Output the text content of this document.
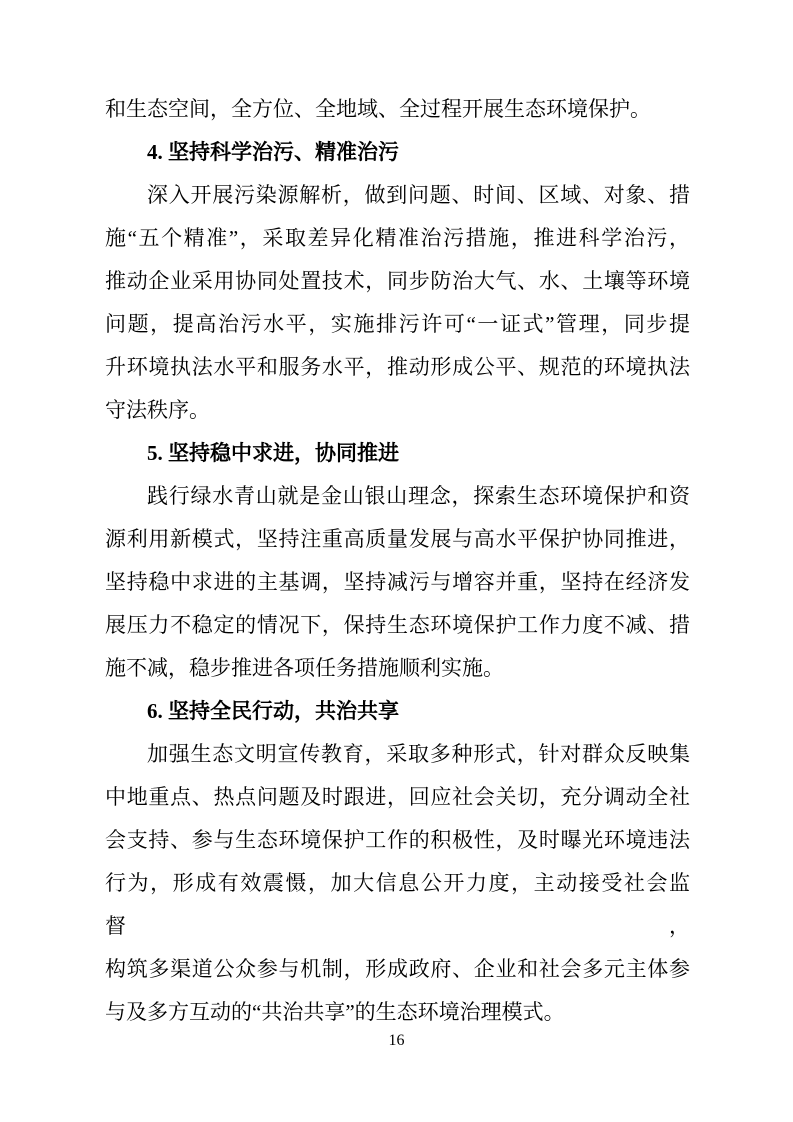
和生态空间，全方位、全地域、全过程开展生态环境保护。
4. 坚持科学治污、精准治污
深入开展污染源解析，做到问题、时间、区域、对象、措
施“五个精准”，采取差异化精准治污措施，推进科学治污，
推动企业采用协同处置技术，同步防治大气、水、土壤等环境
问题，提高治污水平，实施排污许可“一证式”管理，同步提
升环境执法水平和服务水平，推动形成公平、规范的环境执法
守法秩序。
5. 坚持稳中求进，协同推进
践行绿水青山就是金山银山理念，探索生态环境保护和资
源利用新模式，坚持注重高质量发展与高水平保护协同推进，
坚持稳中求进的主基调，坚持减污与增容并重，坚持在经济发
展压力不稳定的情况下，保持生态环境保护工作力度不减、措
施不减，稳步推进各项任务措施顺利实施。
6. 坚持全民行动，共治共享
加强生态文明宣传教育，采取多种形式，针对群众反映集
中地重点、热点问题及时跟进，回应社会关切，充分调动全社
会支持、参与生态环境保护工作的积极性，及时曝光环境违法
行为，形成有效震慑，加大信息公开力度，主动接受社会监督，
构筑多渠道公众参与机制，形成政府、企业和社会多元主体参
与及多方互动的“共治共享”的生态环境治理模式。
16
